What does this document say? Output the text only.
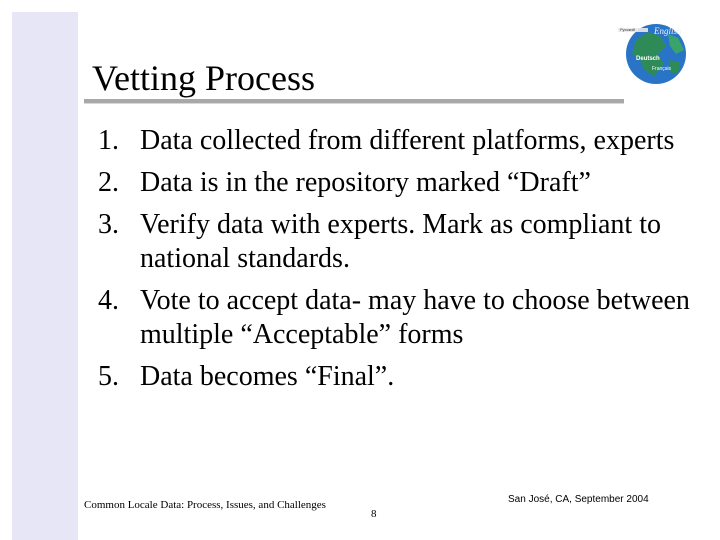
Vetting Process
Русский English
Deutsch
Français
1. Data collected from different platforms, experts
2. Data is in the repository marked “Draft”
3. Verify data with experts. Mark as compliant to national standards.
4. Vote to accept data- may have to choose between multiple “Acceptable” forms
5. Data becomes “Final”.
Common Locale Data: Process, Issues, and Challenges
8
San José, CA, September 2004
